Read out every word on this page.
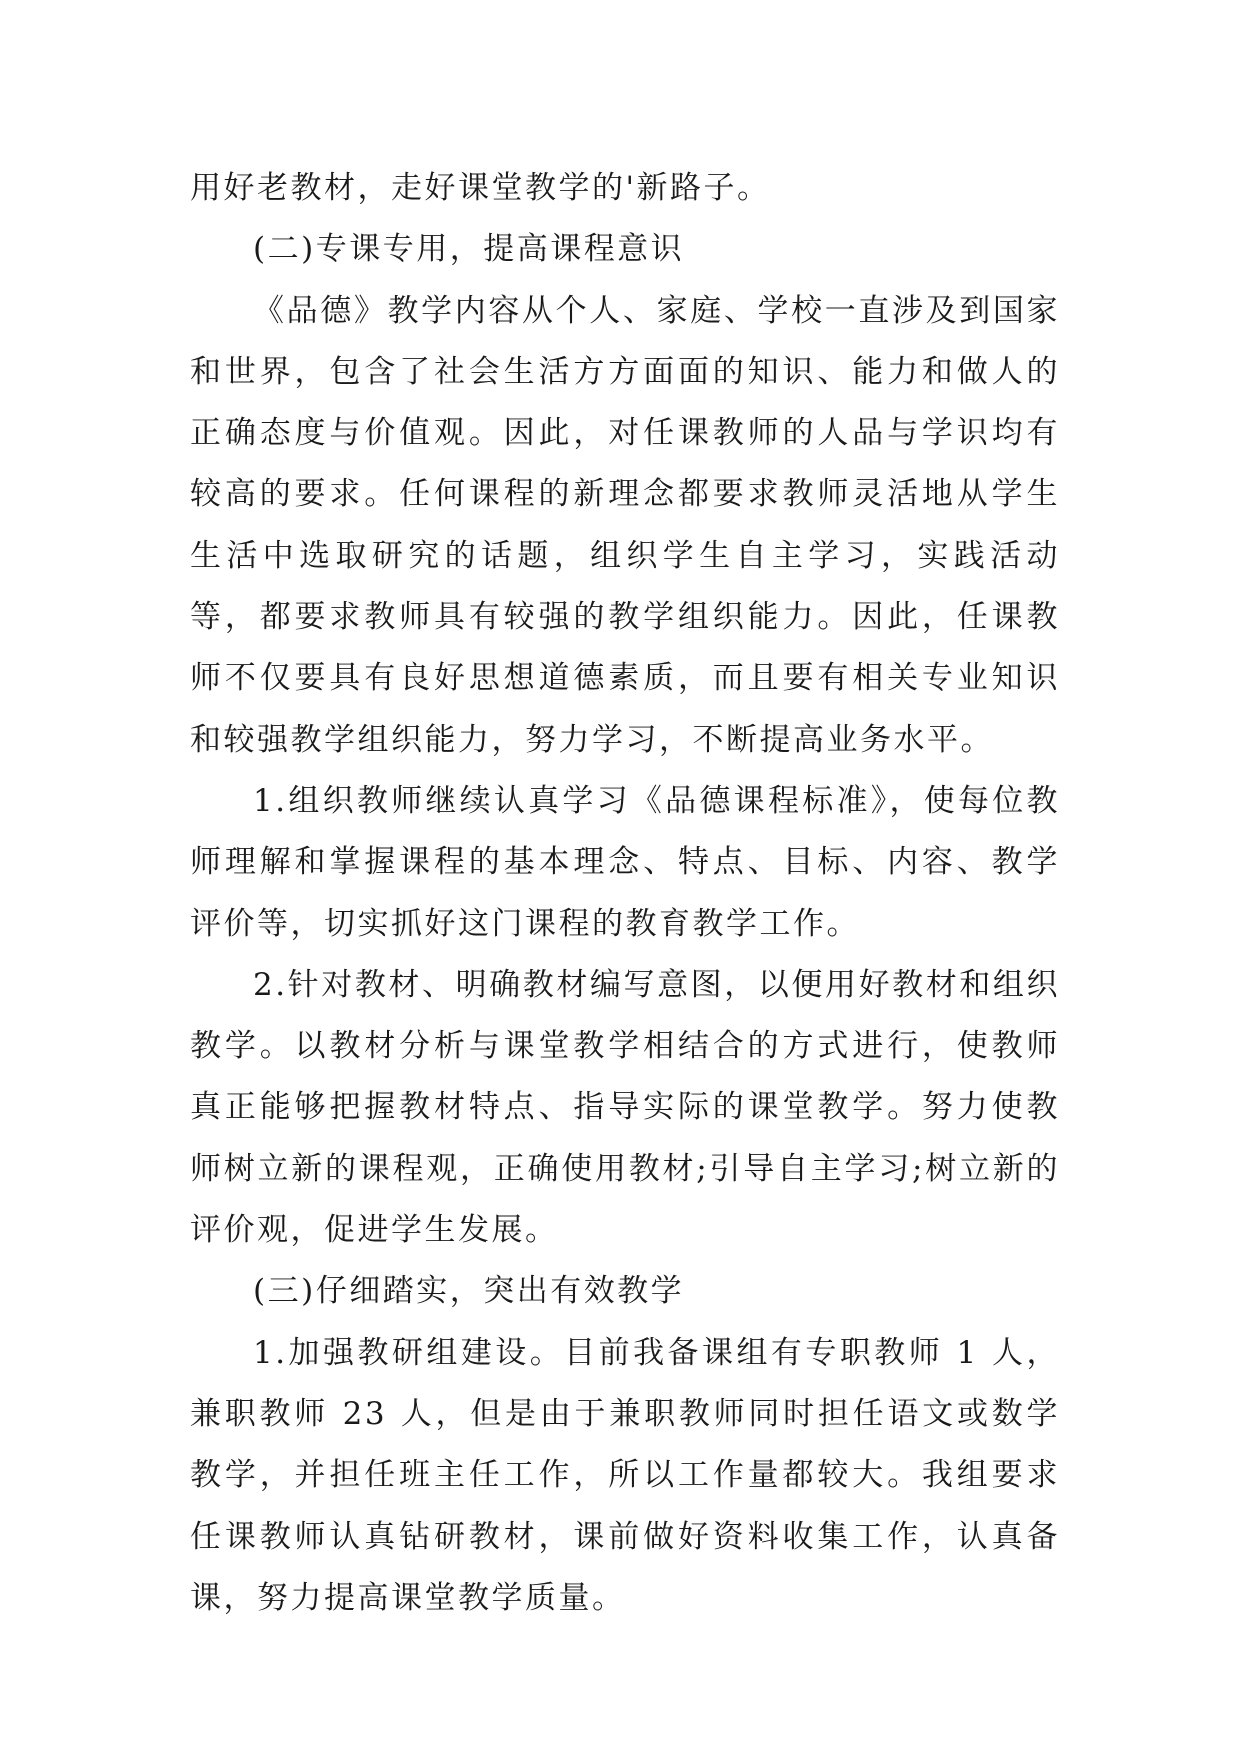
用好老教材，走好课堂教学的'新路子。

(二)专课专用，提高课程意识

《品德》教学内容从个人、家庭、学校一直涉及到国家和世界，包含了社会生活方方面面的知识、能力和做人的正确态度与价值观。因此，对任课教师的人品与学识均有较高的要求。任何课程的新理念都要求教师灵活地从学生生活中选取研究的话题，组织学生自主学习，实践活动等，都要求教师具有较强的教学组织能力。因此，任课教师不仅要具有良好思想道德素质，而且要有相关专业知识和较强教学组织能力，努力学习，不断提高业务水平。

1.组织教师继续认真学习《品德课程标准》，使每位教师理解和掌握课程的基本理念、特点、目标、内容、教学评价等，切实抓好这门课程的教育教学工作。

2.针对教材、明确教材编写意图，以便用好教材和组织教学。以教材分析与课堂教学相结合的方式进行，使教师真正能够把握教材特点、指导实际的课堂教学。努力使教师树立新的课程观，正确使用教材;引导自主学习;树立新的评价观，促进学生发展。

(三)仔细踏实，突出有效教学

1.加强教研组建设。目前我备课组有专职教师 1 人，兼职教师 23 人，但是由于兼职教师同时担任语文或数学教学，并担任班主任工作，所以工作量都较大。我组要求任课教师认真钻研教材，课前做好资料收集工作，认真备课，努力提高课堂教学质量。
